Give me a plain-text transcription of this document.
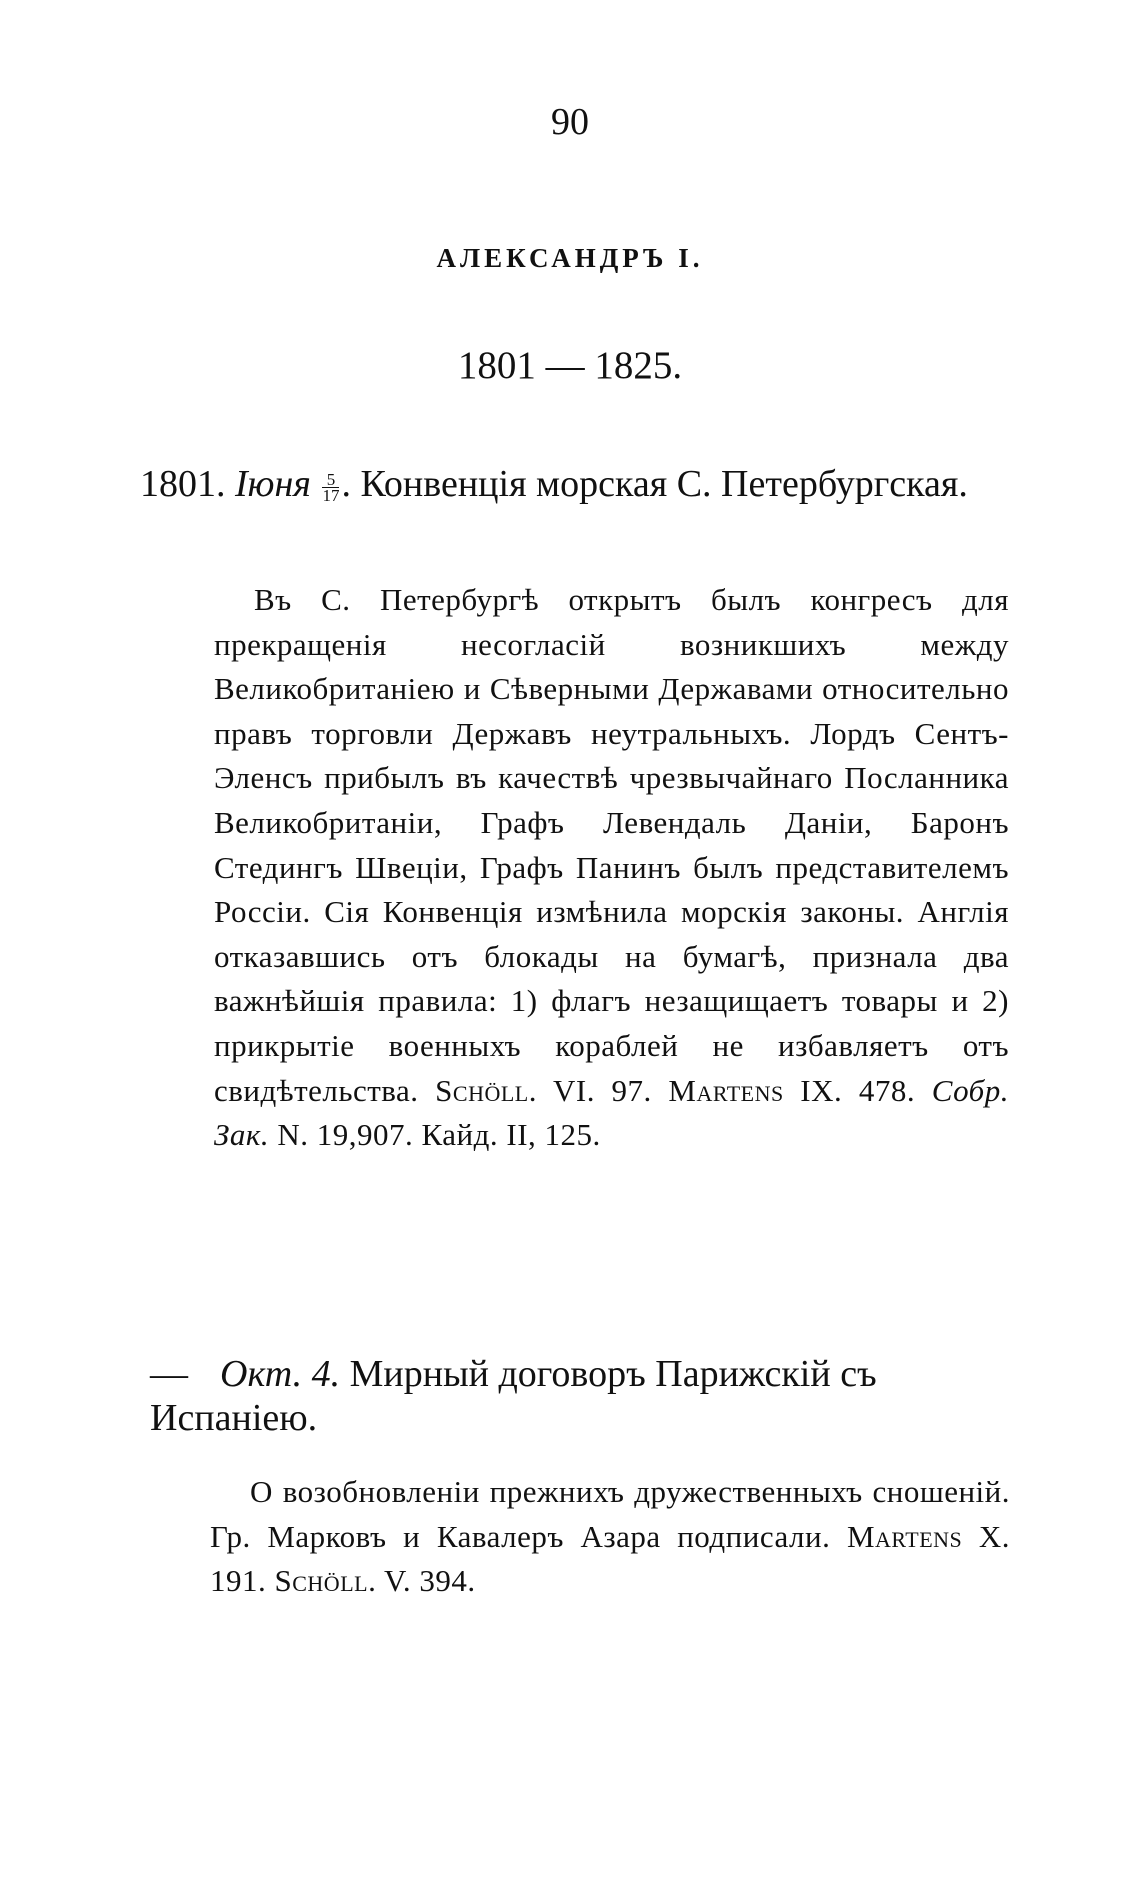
90
АЛЕКСАНДРЪ I.
1801 — 1825.
1801. Іюня $\frac{5}{17}$ . Конвенція морская С. Петербургская.
Въ С. Петербургѣ открытъ былъ конгресъ для прекращенія несогласій возникшихъ между Великобританіею и Сѣверными Державами относительно правъ торговли Державъ неутральныхъ. Лордъ Сентъ-Эленсъ прибылъ въ качествѣ чрезвычайнаго Посланника Великобританіи, Графъ Левендаль Даніи, Баронъ Стедингъ Швеціи, Графъ Панинъ былъ представителемъ Россіи. Сія Конвенція измѣнила морскія законы. Англія отказавшись отъ блокады на бумагѣ, признала два важнѣйшія правила: 1) флагъ незащищаетъ товары и 2) прикрытіе военныхъ кораблей не избавляетъ отъ свидѣтельства. Schöll. VI. 97. Martens IX. 478. Собр. Зак. N. 19,907. Кайд. II, 125.
— Окт. 4. Мирный договоръ Парижскій съ Испаніею.
О возобновленіи прежнихъ дружественныхъ сношеній. Гр. Марковъ и Кавалеръ Азара подписали. Martens X. 191. Schöll. V. 394.
